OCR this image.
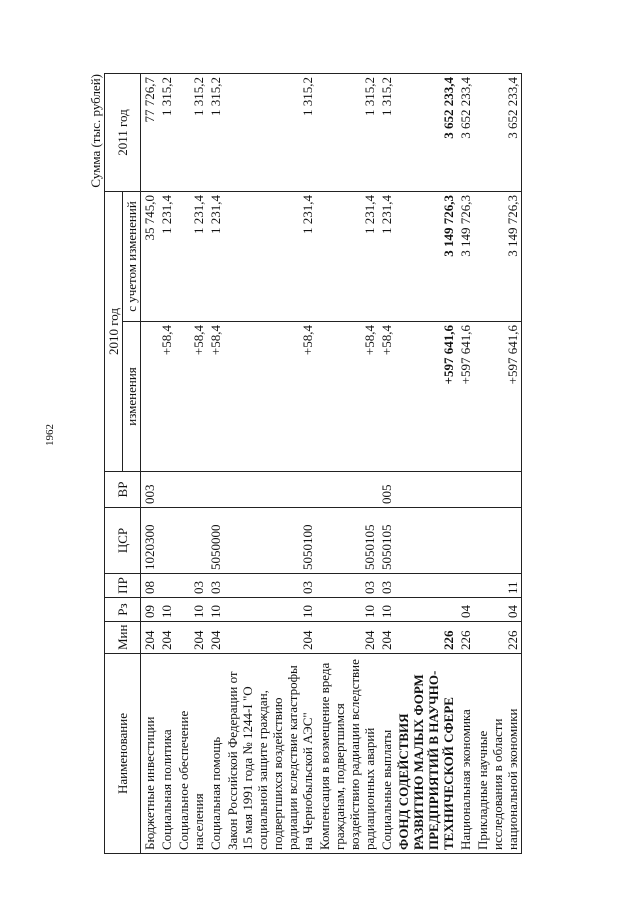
1962
Сумма (тыс. рублей)
Наименование	Мин	Рз	ПР	ЦСР	ВР	2010 год		2011 год
						изменения	с учетом изменений	
Бюджетные инвестиции	204	09	08	1020300	003		35 745,0	77 726,7
Социальная политика	204	10				+58,4	1 231,4	1 315,2
Социальное обеспечение населения	204	10	03			+58,4	1 231,4	1 315,2
Социальная помощь	204	10	03	5050000		+58,4	1 231,4	1 315,2
Закон Российской Федерации от 15 мая 1991 года № 1244-I "О социальной защите граждан, подвергшихся воздействию радиации вследствие катастрофы на Чернобыльской АЭС"	204	10	03	5050100		+58,4	1 231,4	1 315,2
Компенсация в возмещение вреда гражданам, подвергшимся воздействию радиации вследствие радиационных аварий	204	10	03	5050105		+58,4	1 231,4	1 315,2
Социальные выплаты	204	10	03	5050105	005	+58,4	1 231,4	1 315,2
ФОНД СОДЕЙСТВИЯ РАЗВИТИЮ МАЛЫХ ФОРМ ПРЕДПРИЯТИЙ В НАУЧНО-ТЕХНИЧЕСКОЙ СФЕРЕ	226					+597 641,6	3 149 726,3	3 652 233,4
Национальная экономика	226	04				+597 641,6	3 149 726,3	3 652 233,4
Прикладные научные исследования в области национальной экономики	226	04	11			+597 641,6	3 149 726,3	3 652 233,4
